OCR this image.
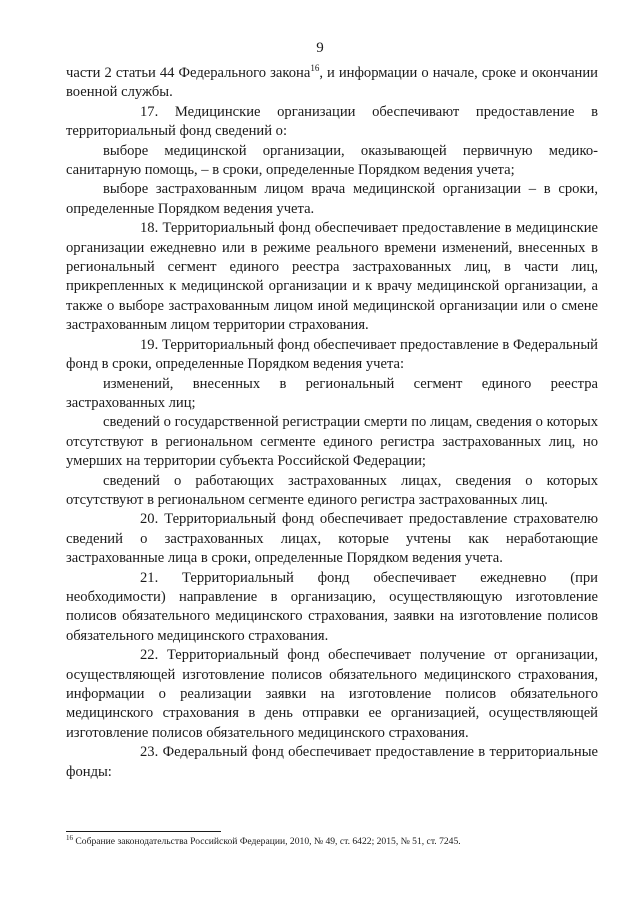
9

части 2 статьи 44 Федерального закона$^{16}$, и информации о начале, сроке и окончании военной службы.

17. Медицинские организации обеспечивают предоставление в территориальный фонд сведений о:

выборе медицинской организации, оказывающей первичную медико-санитарную помощь, – в сроки, определенные Порядком ведения учета;

выборе застрахованным лицом врача медицинской организации – в сроки, определенные Порядком ведения учета.

18. Территориальный фонд обеспечивает предоставление в медицинские организации ежедневно или в режиме реального времени изменений, внесенных в региональный сегмент единого реестра застрахованных лиц, в части лиц, прикрепленных к медицинской организации и к врачу медицинской организации, а также о выборе застрахованным лицом иной медицинской организации или о смене застрахованным лицом территории страхования.

19. Территориальный фонд обеспечивает предоставление в Федеральный фонд в сроки, определенные Порядком ведения учета:

изменений, внесенных в региональный сегмент единого реестра застрахованных лиц;

сведений о государственной регистрации смерти по лицам, сведения о которых отсутствуют в региональном сегменте единого регистра застрахованных лиц, но умерших на территории субъекта Российской Федерации;

сведений о работающих застрахованных лицах, сведения о которых отсутствуют в региональном сегменте единого регистра застрахованных лиц.

20. Территориальный фонд обеспечивает предоставление страхователю сведений о застрахованных лицах, которые учтены как неработающие застрахованные лица в сроки, определенные Порядком ведения учета.

21. Территориальный фонд обеспечивает ежедневно (при необходимости) направление в организацию, осуществляющую изготовление полисов обязательного медицинского страхования, заявки на изготовление полисов обязательного медицинского страхования.

22. Территориальный фонд обеспечивает получение от организации, осуществляющей изготовление полисов обязательного медицинского страхования, информации о реализации заявки на изготовление полисов обязательного медицинского страхования в день отправки ее организацией, осуществляющей изготовление полисов обязательного медицинского страхования.

23. Федеральный фонд обеспечивает предоставление в территориальные фонды:

$^{16}$ Собрание законодательства Российской Федерации, 2010, № 49, ст. 6422; 2015, № 51, ст. 7245.
